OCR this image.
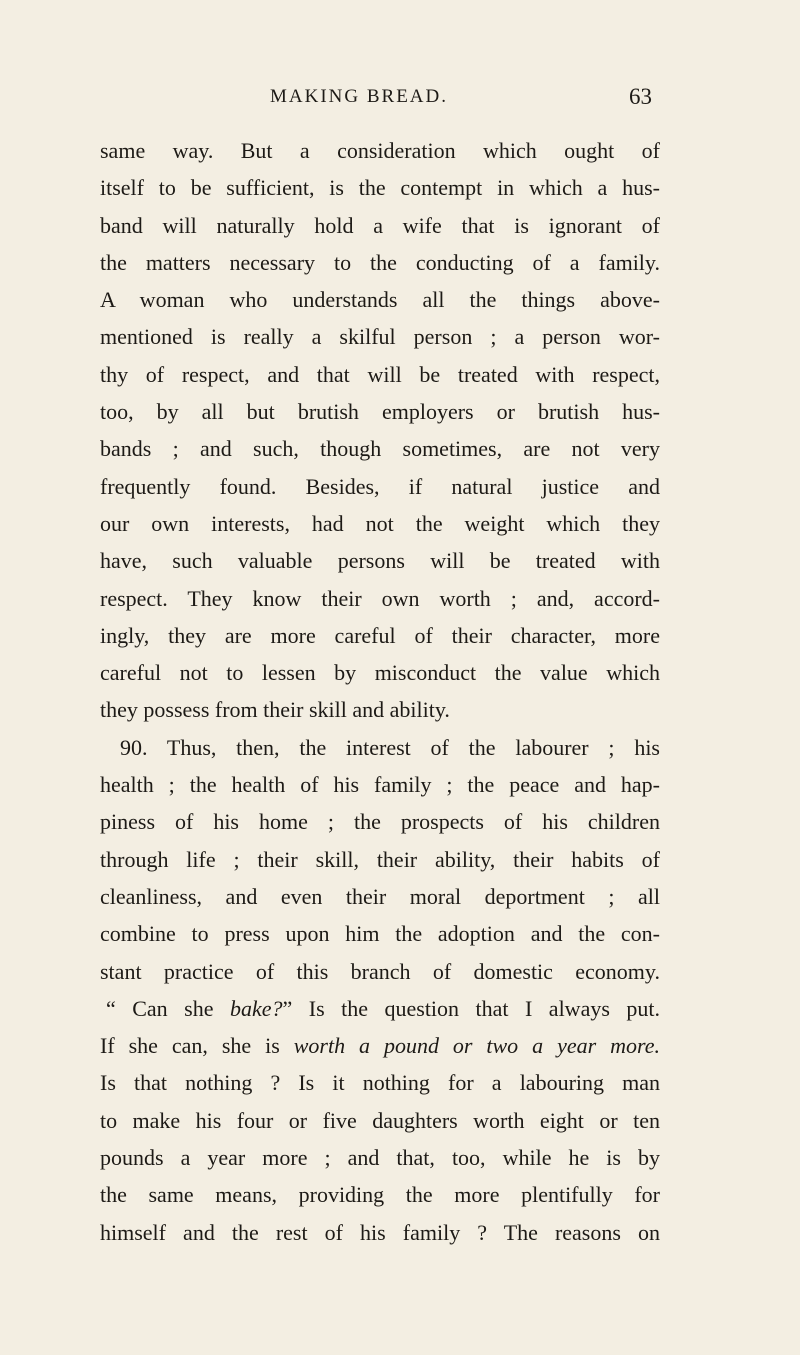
MAKING BREAD.	63
same way. But a consideration which ought of
itself to be sufficient, is the contempt in which a hus-
band will naturally hold a wife that is ignorant of
the matters necessary to the conducting of a family.
A woman who understands all the things above-
mentioned is really a skilful person ; a person wor-
thy of respect, and that will be treated with respect,
too, by all but brutish employers or brutish hus-
bands ; and such, though sometimes, are not very
frequently found. Besides, if natural justice and
our own interests, had not the weight which they
have, such valuable persons will be treated with
respect. They know their own worth ; and, accord-
ingly, they are more careful of their character, more
careful not to lessen by misconduct the value which
they possess from their skill and ability.
90. Thus, then, the interest of the labourer ; his
health ; the health of his family ; the peace and hap-
piness of his home ; the prospects of his children
through life ; their skill, their ability, their habits of
cleanliness, and even their moral deportment ; all
combine to press upon him the adoption and the con-
stant practice of this branch of domestic economy.
“ Can she bake?” Is the question that I always put.
If she can, she is worth a pound or two a year more.
Is that nothing ? Is it nothing for a labouring man
to make his four or five daughters worth eight or ten
pounds a year more ; and that, too, while he is by
the same means, providing the more plentifully for
himself and the rest of his family ? The reasons on
